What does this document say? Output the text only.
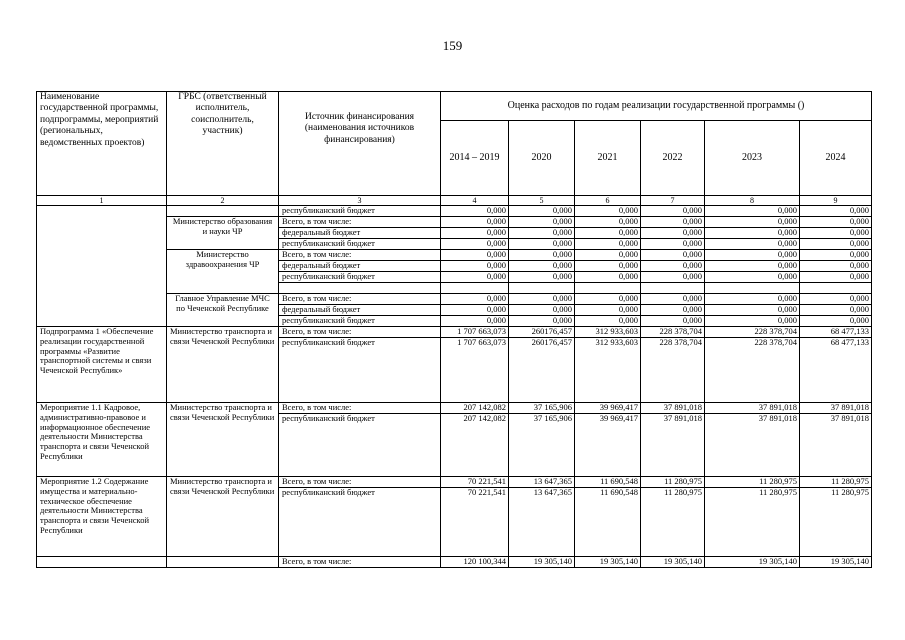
159
Наименование государственной программы, подпрограммы, мероприятий (региональных, ведомственных проектов)	ГРБС (ответственный исполнитель, соисполнитель, участник)	Источник финансирования (наименования источников финансирования)	Оценка расходов по годам реализации государственной программы ()					
			2014 – 2019	2020	2021	2022	2023	2024
1	2	3	4	5	6	7	8	9
		республиканский бюджет	0,000	0,000	0,000	0,000	0,000	0,000
	Министерство образования и науки ЧР	Всего, в том числе:	0,000	0,000	0,000	0,000	0,000	0,000
		федеральный бюджет	0,000	0,000	0,000	0,000	0,000	0,000
		республиканский бюджет	0,000	0,000	0,000	0,000	0,000	0,000
	Министерство здравоохранения ЧР	Всего, в том числе:	0,000	0,000	0,000	0,000	0,000	0,000
		федеральный бюджет	0,000	0,000	0,000	0,000	0,000	0,000
		республиканский бюджет	0,000	0,000	0,000	0,000	0,000	0,000

	Главное Управление МЧС по Чеченской Республике	Всего, в том числе:	0,000	0,000	0,000	0,000	0,000	0,000
		федеральный бюджет	0,000	0,000	0,000	0,000	0,000	0,000
		республиканский бюджет	0,000	0,000	0,000	0,000	0,000	0,000
Подпрограмма 1 «Обеспечение реализации государственной программы «Развитие транспортной системы и связи Чеченской Республик»	Министерство транспорта и связи Чеченской Республики	Всего, в том числе:	1 707 663,073	260176,457	312 933,603	228 378,704	228 378,704	68 477,133
		республиканский бюджет	1 707 663,073	260176,457	312 933,603	228 378,704	228 378,704	68 477,133
Мероприятие 1.1 Кадровое, административно-правовое и информационное обеспечение деятельности Министерства транспорта и связи Чеченской Республики	Министерство транспорта и связи Чеченской Республики	Всего, в том числе:	207 142,082	37 165,906	39 969,417	37 891,018	37 891,018	37 891,018
		республиканский бюджет	207 142,082	37 165,906	39 969,417	37 891,018	37 891,018	37 891,018
Мероприятие 1.2 Содержание имущества и материально-техническое обеспечение деятельности Министерства транспорта и связи Чеченской Республики	Министерство транспорта и связи Чеченской Республики	Всего, в том числе:	70 221,541	13 647,365	11 690,548	11 280,975	11 280,975	11 280,975
		республиканский бюджет	70 221,541	13 647,365	11 690,548	11 280,975	11 280,975	11 280,975
		Всего, в том числе:	120 100,344	19 305,140	19 305,140	19 305,140	19 305,140	19 305,140
